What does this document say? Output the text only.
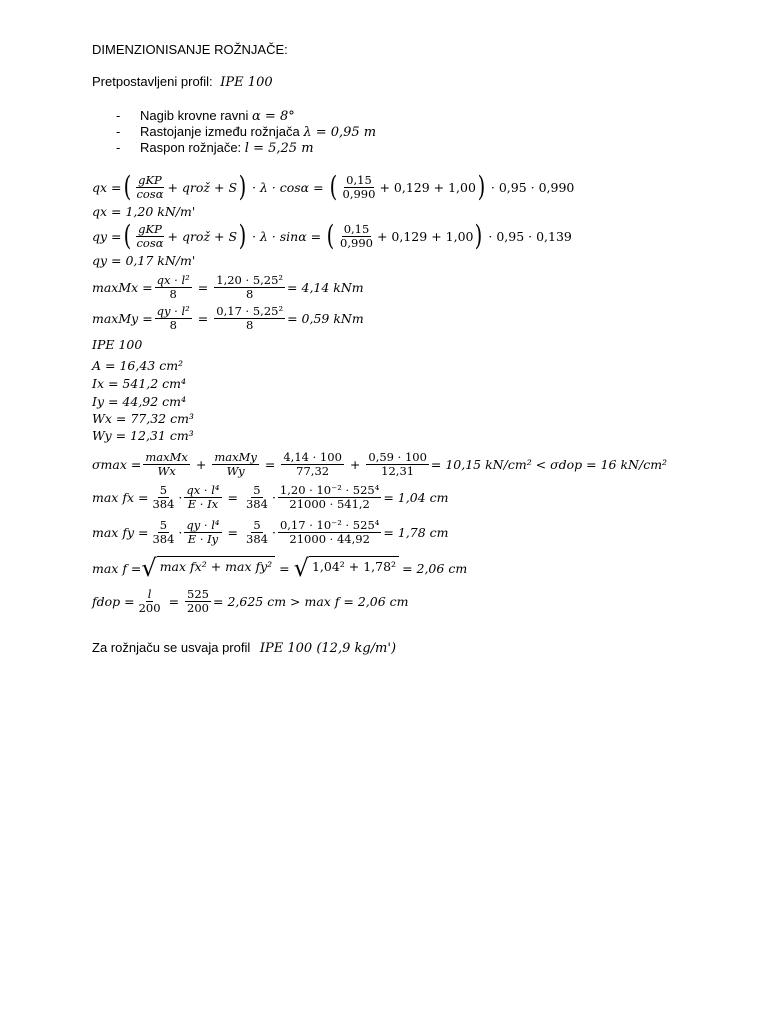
DIMENZIONISANJE ROŽNJAČE:
Pretpostavljeni profil: IPE 100
- Nagib krovne ravni α = 8°
- Rastojanje između rožnjača λ = 0,95 m
- Raspon rožnjače: l = 5,25 m
qx = ( $\frac{\text{gKP}}{\cos\alpha}$ + qrož + S ) · λ · cosα = ( $\frac{0,15}{0,990} + 0,129 + 1,00$ ) · 0,95 · 0,990
qx = 1,20 kN/m'
qy = ( $\frac{\text{gKP}}{\cos\alpha}$ + qrož + S ) · λ · sinα = ( $\frac{0,15}{0,990} + 0,129 + 1,00$ ) · 0,95 · 0,139
qy = 0,17 kN/m'
maxMx = $\frac{\text{qx · l²}}{8} = \frac{\text{1,20 · 5,25²}}{8} = 4,14$ kNm
maxMy = $\frac{\text{qy · l²}}{8} = \frac{\text{0,17 · 5,25²}}{8} = 0,59$ kNm
IPE 100
A = 16,43 cm²
Ix = 541,2 cm⁴
Iy = 44,92 cm⁴
Wx = 77,32 cm³
Wy = 12,31 cm³
$\sigma\max = \frac{\text{maxMx}}{Wx} + \frac{\text{maxMy}}{Wy} = \frac{4,14 \cdot 100}{77,32} + \frac{0,59 \cdot 100}{12,31} = 10,15$ kN/cm² < σdop = 16 kN/cm²
max fx = $\frac{5}{384} \cdot \frac{\text{qx · l⁴}}{E \cdot Ix} = \frac{5}{384} \cdot \frac{\text{1,20 · 10⁻² · 525⁴}}{21000 \cdot 541,2} = 1,04$ cm
max fy = $\frac{5}{384} \cdot \frac{\text{qy · l⁴}}{E \cdot Iy} = \frac{5}{384} \cdot \frac{\text{0,17 · 10⁻² · 525⁴}}{21000 \cdot 44,92} = 1,78$ cm
max f = √ max fx² + max fy² = √ 1,04² + 1,78² = 2,06 cm
fdop = $\frac{l}{200} = \frac{525}{200} = 2,625$ cm > max f = 2,06 cm
Za rožnjaču se usvaja profil IPE 100 (12,9 kg/m')
